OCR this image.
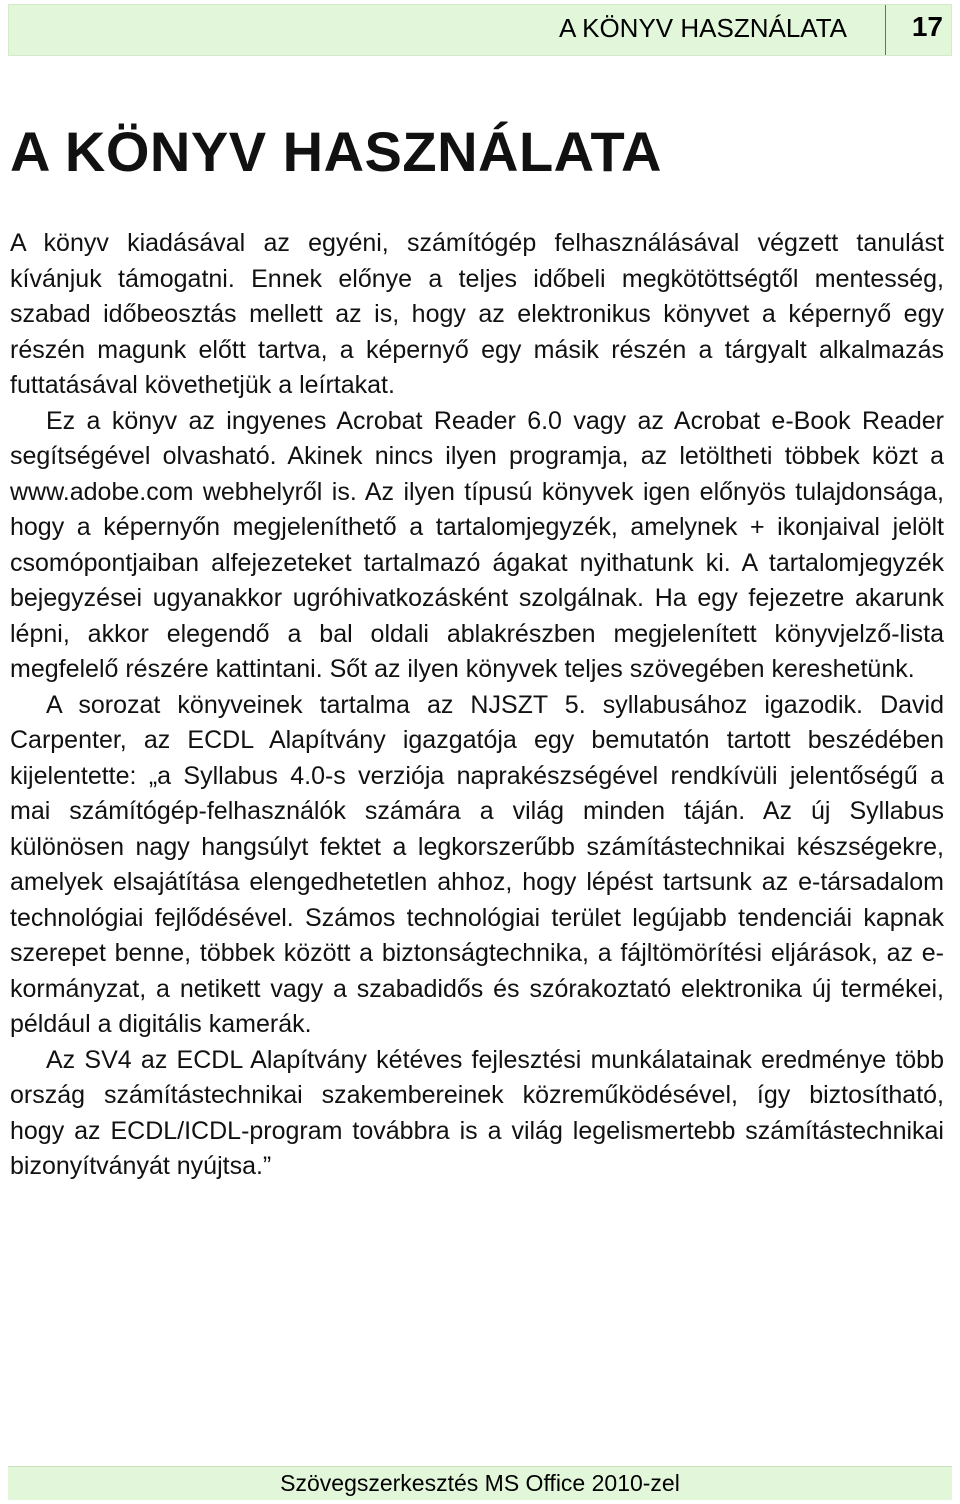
A KÖNYV HASZNÁLATA 17
A KÖNYV HASZNÁLATA

A könyv kiadásával az egyéni, számítógép felhasználásával végzett tanulást kívánjuk támogatni. Ennek előnye a teljes időbeli megkötöttségtől mentesség, szabad időbeosztás mellett az is, hogy az elektronikus könyvet a képernyő egy részén magunk előtt tartva, a képernyő egy másik részén a tárgyalt alkalmazás futtatásával követhetjük a leírtakat.

Ez a könyv az ingyenes Acrobat Reader 6.0 vagy az Acrobat e-Book Reader segítségével olvasható. Akinek nincs ilyen programja, az letöltheti többek közt a www.adobe.com webhelyről is. Az ilyen típusú könyvek igen előnyös tulajdonsága, hogy a képernyőn megjeleníthető a tartalomjegyzék, amelynek + ikonjaival jelölt csomópontjaiban alfejezeteket tartalmazó ágakat nyithatunk ki. A tartalomjegyzék bejegyzései ugyanakkor ugróhivatkozásként szolgálnak. Ha egy fejezetre akarunk lépni, akkor elegendő a bal oldali ablakrészben megjelenített könyvjelző-lista megfelelő részére kattintani. Sőt az ilyen könyvek teljes szövegében kereshetünk.

A sorozat könyveinek tartalma az NJSZT 5. syllabusához igazodik. David Carpenter, az ECDL Alapítvány igazgatója egy bemutatón tartott beszédében kijelentette: „a Syllabus 4.0-s verziója naprakészségével rendkívüli jelentőségű a mai számítógép-felhasználók számára a világ minden táján. Az új Syllabus különösen nagy hangsúlyt fektet a legkorszerűbb számítástechnikai készségekre, amelyek elsajátítása elengedhetetlen ahhoz, hogy lépést tartsunk az e-társadalom technológiai fejlődésével. Számos technológiai terület legújabb tendenciái kapnak szerepet benne, többek között a biztonságtechnika, a fájltömörítési eljárások, az e-kormányzat, a netikett vagy a szabadidős és szórakoztató elektronika új termékei, például a digitális kamerák.

Az SV4 az ECDL Alapítvány kétéves fejlesztési munkálatainak eredménye több ország számítástechnikai szakembereinek közreműködésével, így biztosítható, hogy az ECDL/ICDL-program továbbra is a világ legelismertebb számítástechnikai bizonyítványát nyújtsa.”

Szövegszerkesztés MS Office 2010-zel
